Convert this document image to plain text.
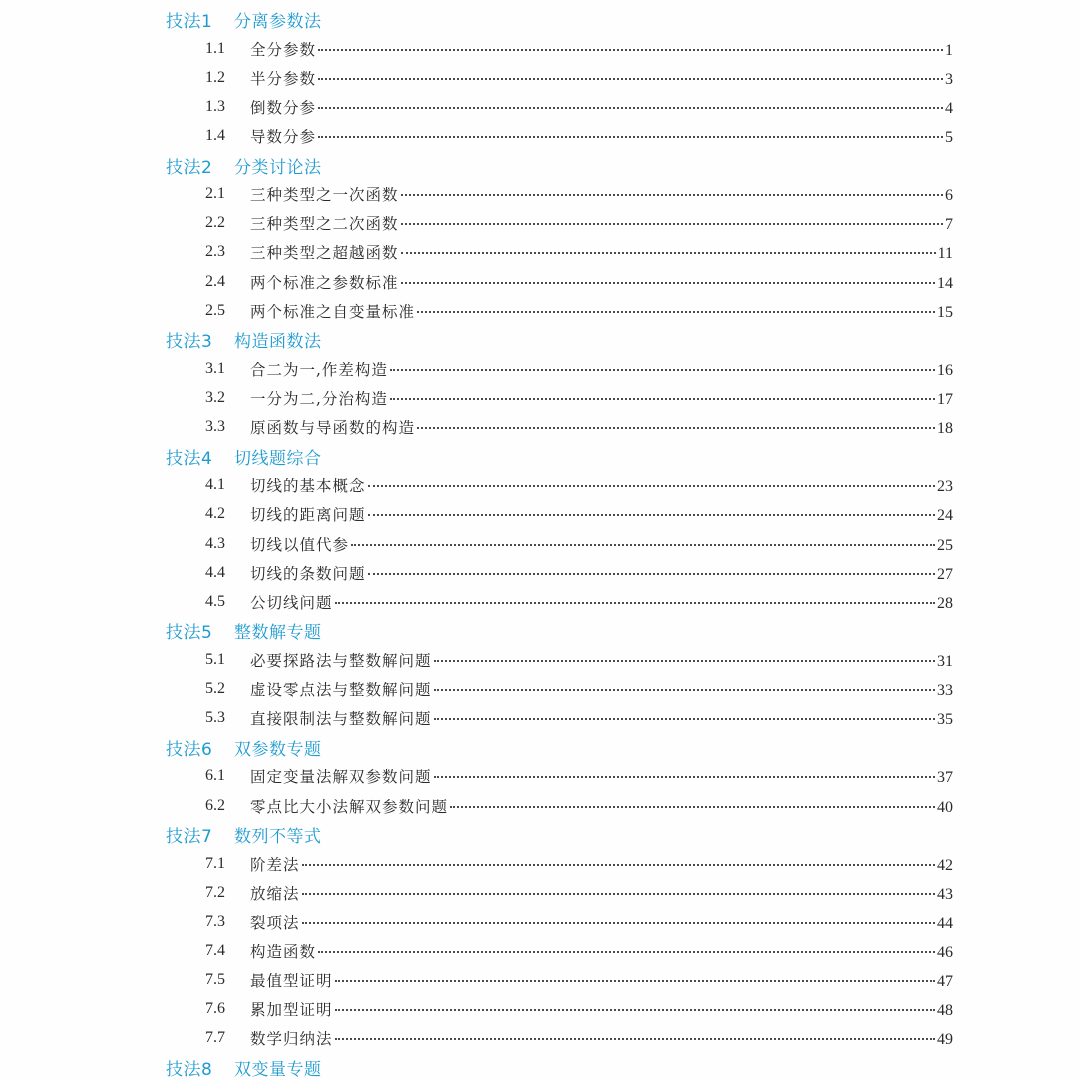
技法1	分离参数法
1.1	全分参数	1
1.2	半分参数	3
1.3	倒数分参	4
1.4	导数分参	5
技法2	分类讨论法
2.1	三种类型之一次函数	6
2.2	三种类型之二次函数	7
2.3	三种类型之超越函数	11
2.4	两个标准之参数标准	14
2.5	两个标准之自变量标准	15
技法3	构造函数法
3.1	合二为一,作差构造	16
3.2	一分为二,分治构造	17
3.3	原函数与导函数的构造	18
技法4	切线题综合
4.1	切线的基本概念	23
4.2	切线的距离问题	24
4.3	切线以值代参	25
4.4	切线的条数问题	27
4.5	公切线问题	28
技法5	整数解专题
5.1	必要探路法与整数解问题	31
5.2	虚设零点法与整数解问题	33
5.3	直接限制法与整数解问题	35
技法6	双参数专题
6.1	固定变量法解双参数问题	37
6.2	零点比大小法解双参数问题	40
技法7	数列不等式
7.1	阶差法	42
7.2	放缩法	43
7.3	裂项法	44
7.4	构造函数	46
7.5	最值型证明	47
7.6	累加型证明	48
7.7	数学归纳法	49
技法8	双变量专题
